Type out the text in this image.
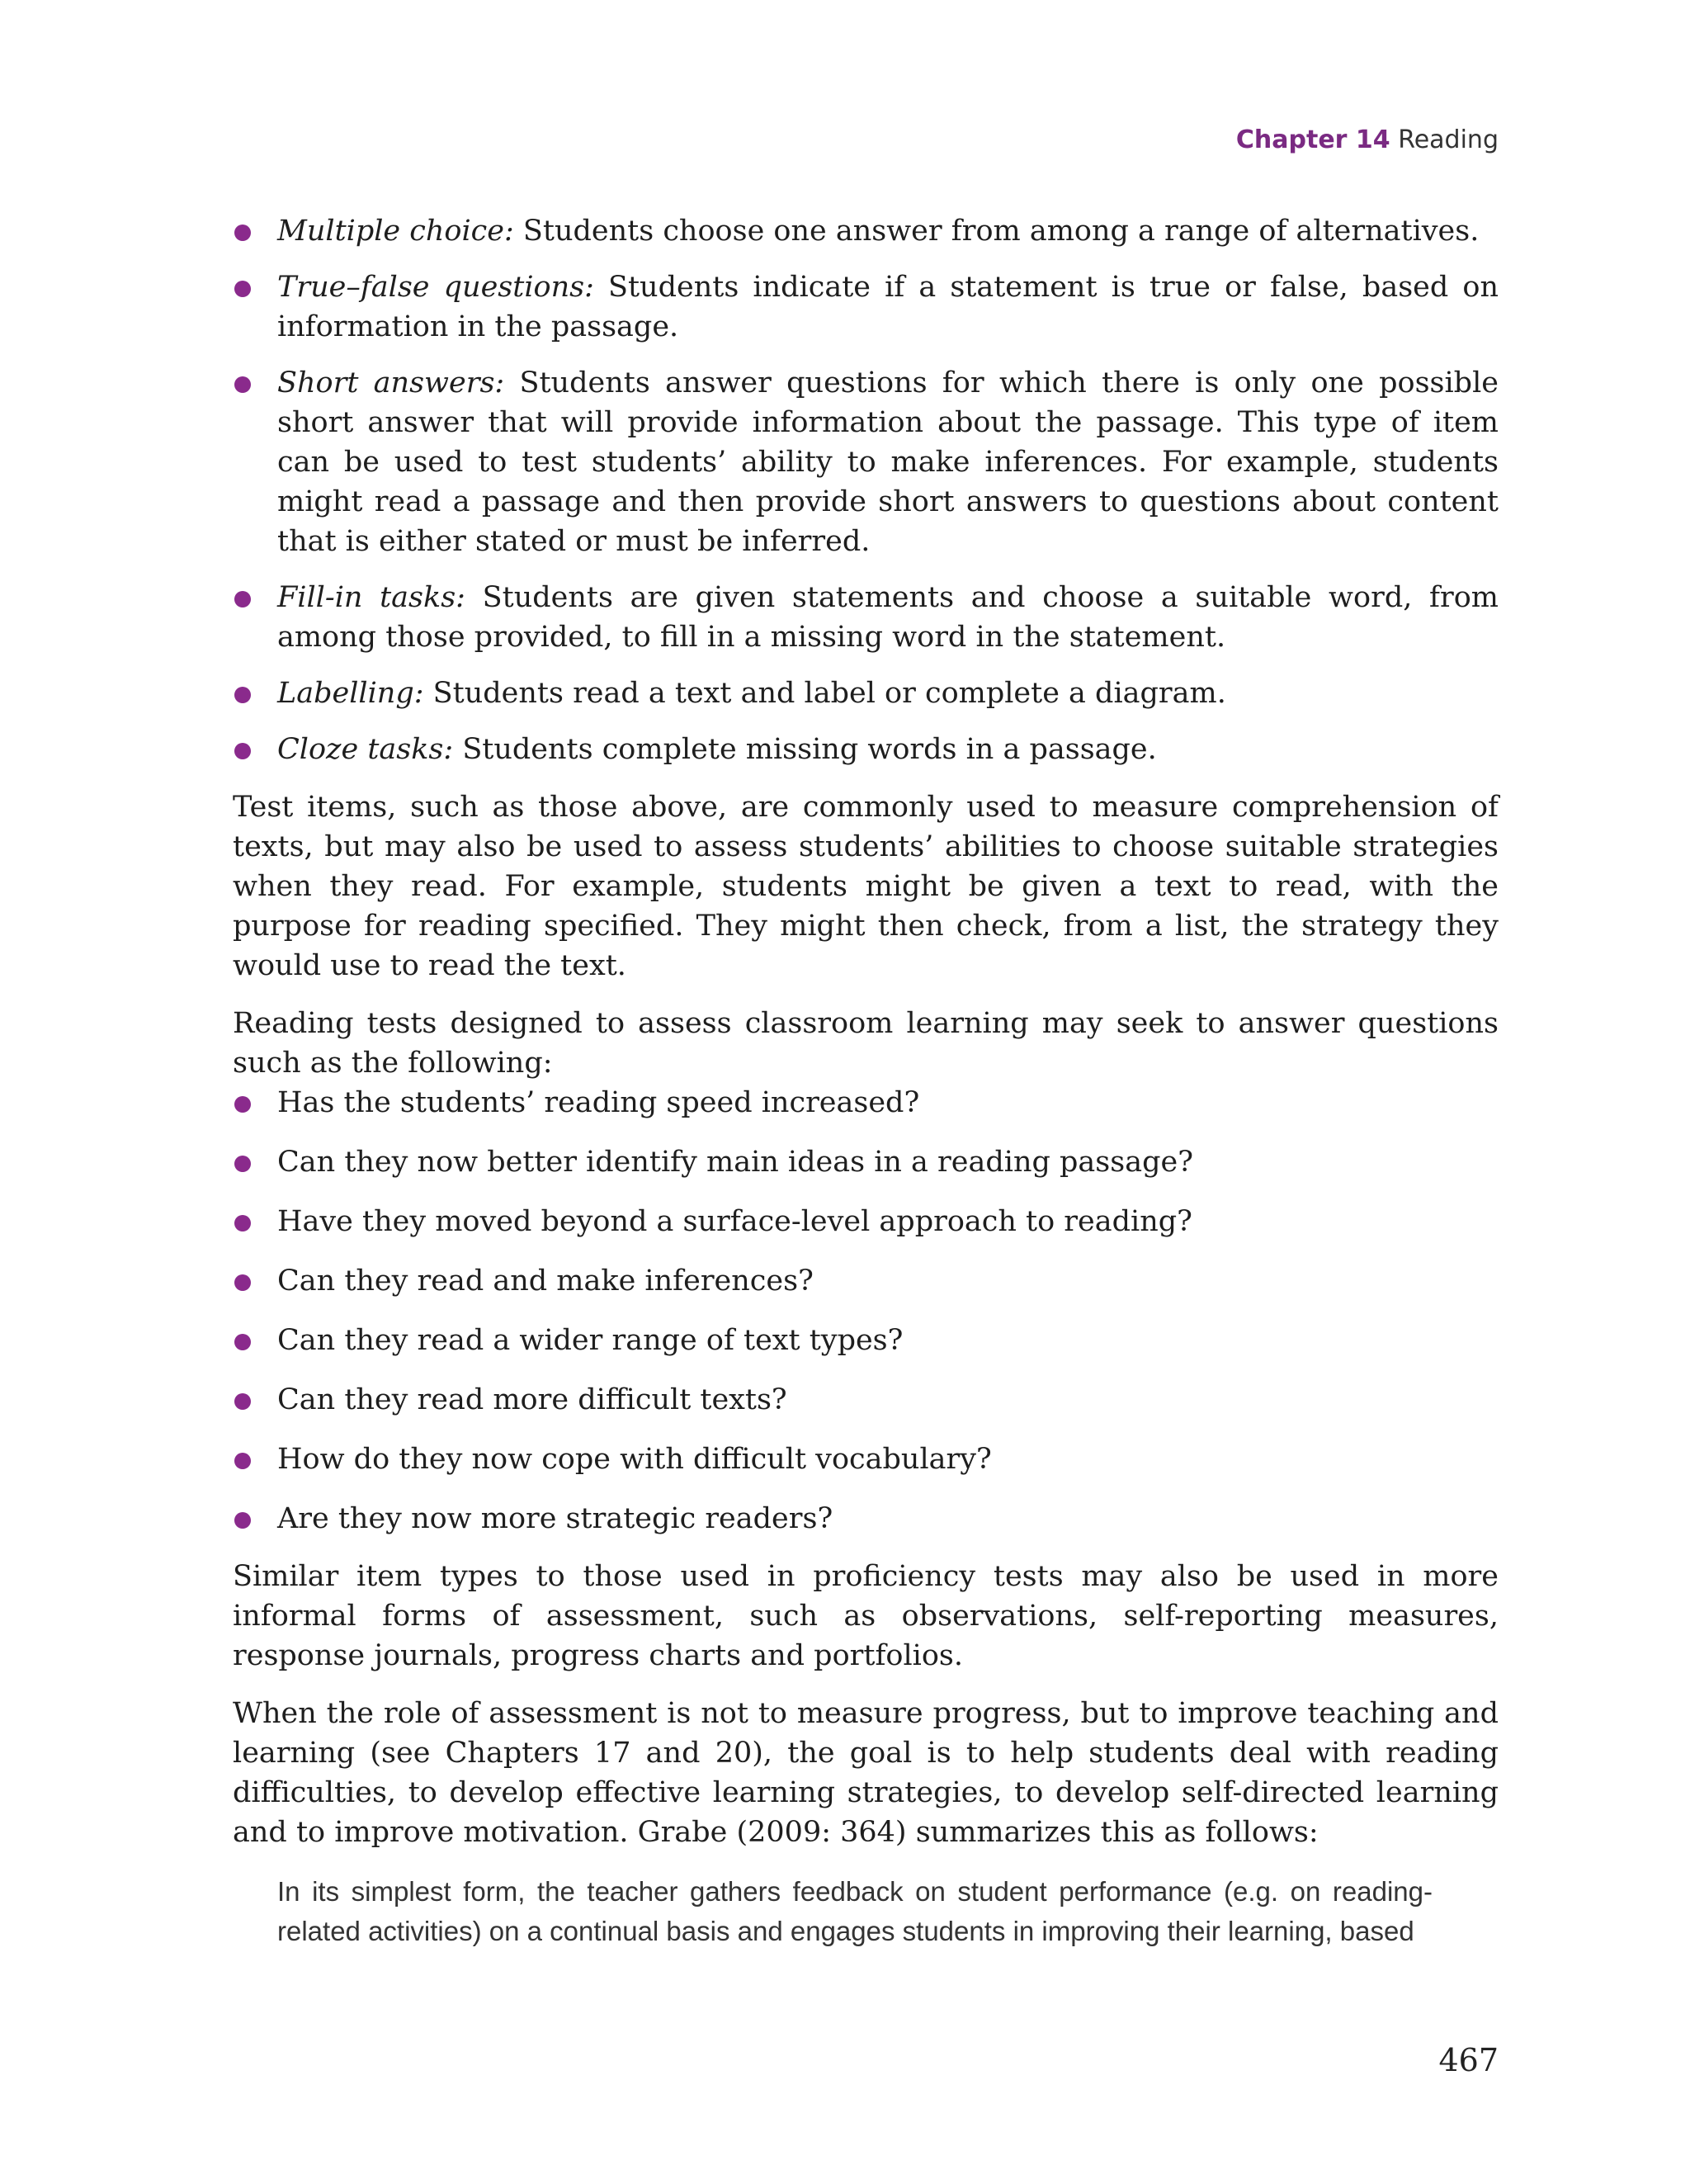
Chapter 14 Reading
Multiple choice: Students choose one answer from among a range of alternatives.
True–false questions: Students indicate if a statement is true or false, based on information in the passage.
Short answers: Students answer questions for which there is only one possible short answer that will provide information about the passage. This type of item can be used to test students’ ability to make inferences. For example, students might read a passage and then provide short answers to questions about content that is either stated or must be inferred.
Fill-in tasks: Students are given statements and choose a suitable word, from among those provided, to fill in a missing word in the statement.
Labelling: Students read a text and label or complete a diagram.
Cloze tasks: Students complete missing words in a passage.

Test items, such as those above, are commonly used to measure comprehension of texts, but may also be used to assess students’ abilities to choose suitable strategies when they read. For example, students might be given a text to read, with the purpose for reading specified. They might then check, from a list, the strategy they would use to read the text.

Reading tests designed to assess classroom learning may seek to answer questions such as the following:

Has the students’ reading speed increased?
Can they now better identify main ideas in a reading passage?
Have they moved beyond a surface-level approach to reading?
Can they read and make inferences?
Can they read a wider range of text types?
Can they read more difficult texts?
How do they now cope with difficult vocabulary?
Are they now more strategic readers?

Similar item types to those used in proficiency tests may also be used in more informal forms of assessment, such as observations, self-reporting measures, response journals, progress charts and portfolios.

When the role of assessment is not to measure progress, but to improve teaching and learning (see Chapters 17 and 20), the goal is to help students deal with reading difficulties, to develop effective learning strategies, to develop self-directed learning and to improve motivation. Grabe (2009: 364) summarizes this as follows:

In its simplest form, the teacher gathers feedback on student performance (e.g. on reading-related activities) on a continual basis and engages students in improving their learning, based
467
